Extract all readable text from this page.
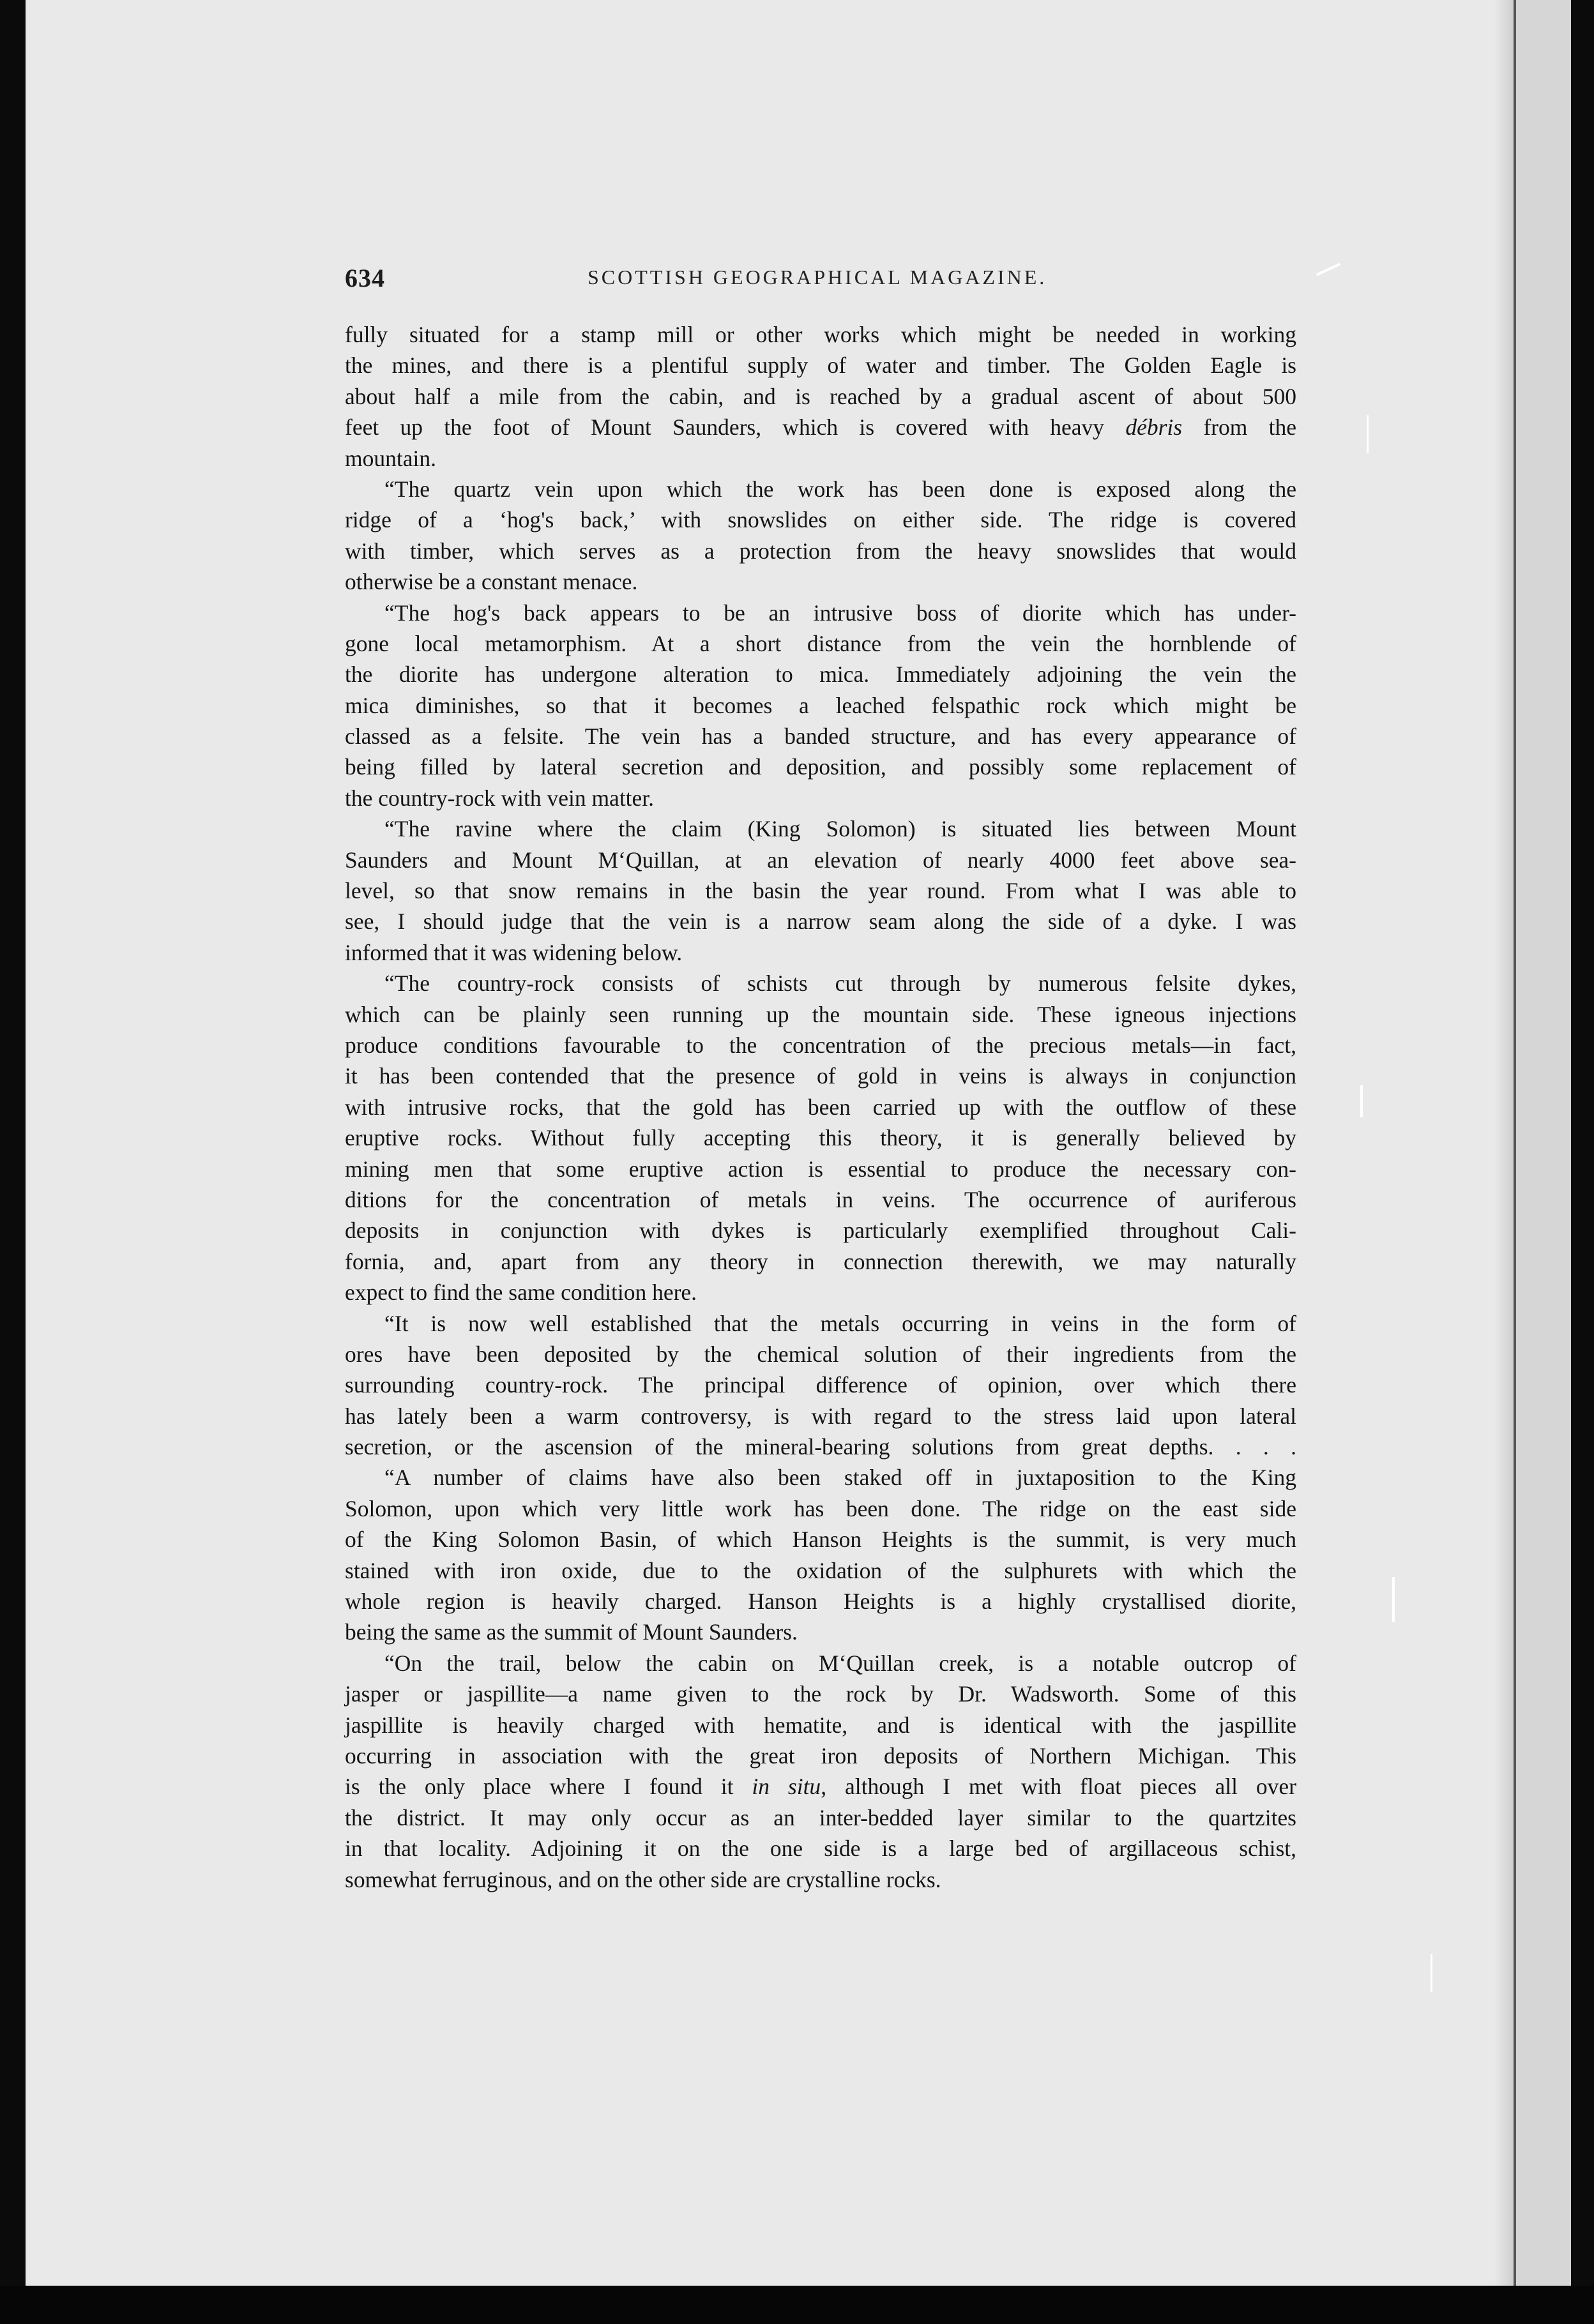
634	SCOTTISH GEOGRAPHICAL MAGAZINE.
fully situated for a stamp mill or other works which might be needed in working
the mines, and there is a plentiful supply of water and timber. The Golden Eagle is
about half a mile from the cabin, and is reached by a gradual ascent of about 500
feet up the foot of Mount Saunders, which is covered with heavy débris from the
mountain.
“The quartz vein upon which the work has been done is exposed along the
ridge of a ‘hog's back,’ with snowslides on either side. The ridge is covered
with timber, which serves as a protection from the heavy snowslides that would
otherwise be a constant menace.
“The hog's back appears to be an intrusive boss of diorite which has under-
gone local metamorphism. At a short distance from the vein the hornblende of
the diorite has undergone alteration to mica. Immediately adjoining the vein the
mica diminishes, so that it becomes a leached felspathic rock which might be
classed as a felsite. The vein has a banded structure, and has every appearance of
being filled by lateral secretion and deposition, and possibly some replacement of
the country-rock with vein matter.
“The ravine where the claim (King Solomon) is situated lies between Mount
Saunders and Mount M‘Quillan, at an elevation of nearly 4000 feet above sea-
level, so that snow remains in the basin the year round. From what I was able to
see, I should judge that the vein is a narrow seam along the side of a dyke. I was
informed that it was widening below.
“The country-rock consists of schists cut through by numerous felsite dykes,
which can be plainly seen running up the mountain side. These igneous injections
produce conditions favourable to the concentration of the precious metals—in fact,
it has been contended that the presence of gold in veins is always in conjunction
with intrusive rocks, that the gold has been carried up with the outflow of these
eruptive rocks. Without fully accepting this theory, it is generally believed by
mining men that some eruptive action is essential to produce the necessary con-
ditions for the concentration of metals in veins. The occurrence of auriferous
deposits in conjunction with dykes is particularly exemplified throughout Cali-
fornia, and, apart from any theory in connection therewith, we may naturally
expect to find the same condition here.
“It is now well established that the metals occurring in veins in the form of
ores have been deposited by the chemical solution of their ingredients from the
surrounding country-rock. The principal difference of opinion, over which there
has lately been a warm controversy, is with regard to the stress laid upon lateral
secretion, or the ascension of the mineral-bearing solutions from great depths. . . .
“A number of claims have also been staked off in juxtaposition to the King
Solomon, upon which very little work has been done. The ridge on the east side
of the King Solomon Basin, of which Hanson Heights is the summit, is very much
stained with iron oxide, due to the oxidation of the sulphurets with which the
whole region is heavily charged. Hanson Heights is a highly crystallised diorite,
being the same as the summit of Mount Saunders.
“On the trail, below the cabin on M‘Quillan creek, is a notable outcrop of
jasper or jaspillite—a name given to the rock by Dr. Wadsworth. Some of this
jaspillite is heavily charged with hematite, and is identical with the jaspillite
occurring in association with the great iron deposits of Northern Michigan. This
is the only place where I found it in situ, although I met with float pieces all over
the district. It may only occur as an inter-bedded layer similar to the quartzites
in that locality. Adjoining it on the one side is a large bed of argillaceous schist,
somewhat ferruginous, and on the other side are crystalline rocks.
